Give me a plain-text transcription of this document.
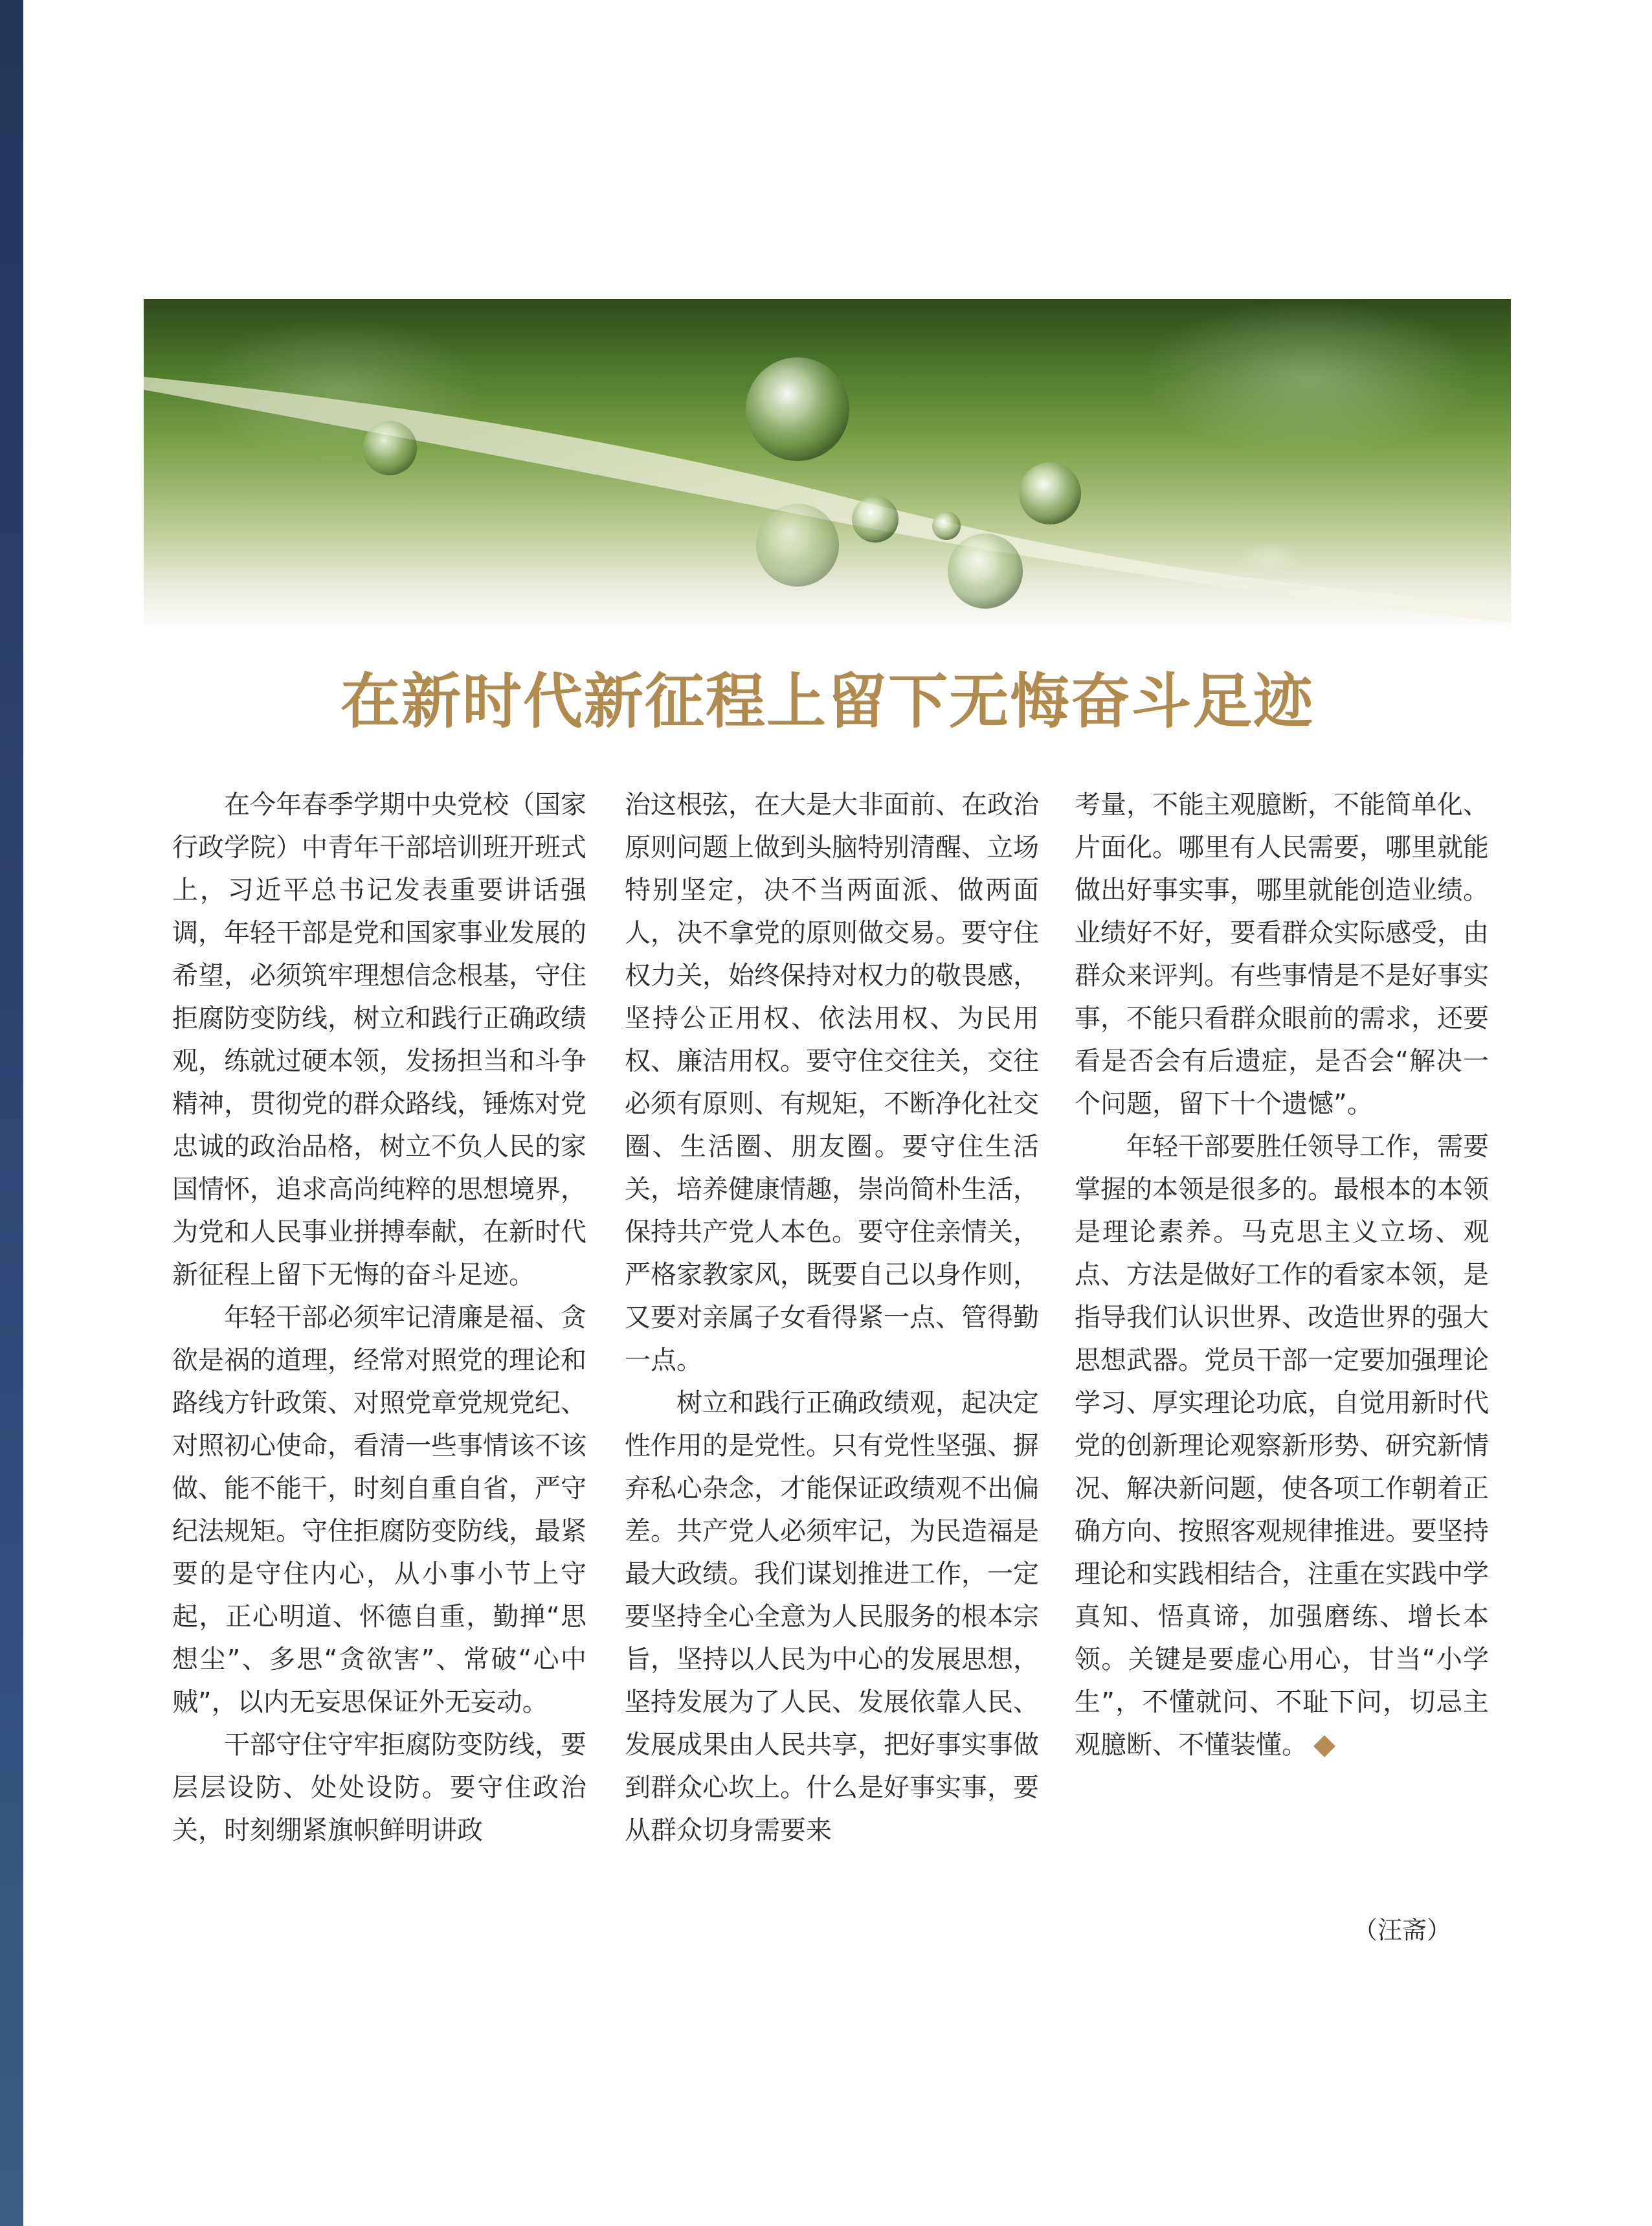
在新时代新征程上留下无悔奋斗足迹

在今年春季学期中央党校（国家行政学院）中青年干部培训班开班式上，习近平总书记发表重要讲话强调，年轻干部是党和国家事业发展的希望，必须筑牢理想信念根基，守住拒腐防变防线，树立和践行正确政绩观，练就过硬本领，发扬担当和斗争精神，贯彻党的群众路线，锤炼对党忠诚的政治品格，树立不负人民的家国情怀，追求高尚纯粹的思想境界，为党和人民事业拼搏奉献，在新时代新征程上留下无悔的奋斗足迹。

年轻干部必须牢记清廉是福、贪欲是祸的道理，经常对照党的理论和路线方针政策、对照党章党规党纪、对照初心使命，看清一些事情该不该做、能不能干，时刻自重自省，严守纪法规矩。守住拒腐防变防线，最紧要的是守住内心，从小事小节上守起，正心明道、怀德自重，勤掸“思想尘”、多思“贪欲害”、常破“心中贼”，以内无妄思保证外无妄动。

干部守住守牢拒腐防变防线，要层层设防、处处设防。要守住政治关，时刻绷紧旗帜鲜明讲政

治这根弦，在大是大非面前、在政治原则问题上做到头脑特别清醒、立场特别坚定，决不当两面派、做两面人，决不拿党的原则做交易。要守住权力关，始终保持对权力的敬畏感，坚持公正用权、依法用权、为民用权、廉洁用权。要守住交往关，交往必须有原则、有规矩，不断净化社交圈、生活圈、朋友圈。要守住生活关，培养健康情趣，崇尚简朴生活，保持共产党人本色。要守住亲情关，严格家教家风，既要自己以身作则，又要对亲属子女看得紧一点、管得勤一点。

树立和践行正确政绩观，起决定性作用的是党性。只有党性坚强、摒弃私心杂念，才能保证政绩观不出偏差。共产党人必须牢记，为民造福是最大政绩。我们谋划推进工作，一定要坚持全心全意为人民服务的根本宗旨，坚持以人民为中心的发展思想，坚持发展为了人民、发展依靠人民、发展成果由人民共享，把好事实事做到群众心坎上。什么是好事实事，要从群众切身需要来

考量，不能主观臆断，不能简单化、片面化。哪里有人民需要，哪里就能做出好事实事，哪里就能创造业绩。业绩好不好，要看群众实际感受，由群众来评判。有些事情是不是好事实事，不能只看群众眼前的需求，还要看是否会有后遗症，是否会“解决一个问题，留下十个遗憾”。

年轻干部要胜任领导工作，需要掌握的本领是很多的。最根本的本领是理论素养。马克思主义立场、观点、方法是做好工作的看家本领，是指导我们认识世界、改造世界的强大思想武器。党员干部一定要加强理论学习、厚实理论功底，自觉用新时代党的创新理论观察新形势、研究新情况、解决新问题，使各项工作朝着正确方向、按照客观规律推进。要坚持理论和实践相结合，注重在实践中学真知、悟真谛，加强磨练、增长本领。关键是要虚心用心，甘当“小学生”，不懂就问、不耻下问，切忌主观臆断、不懂装懂。

（汪斋）
